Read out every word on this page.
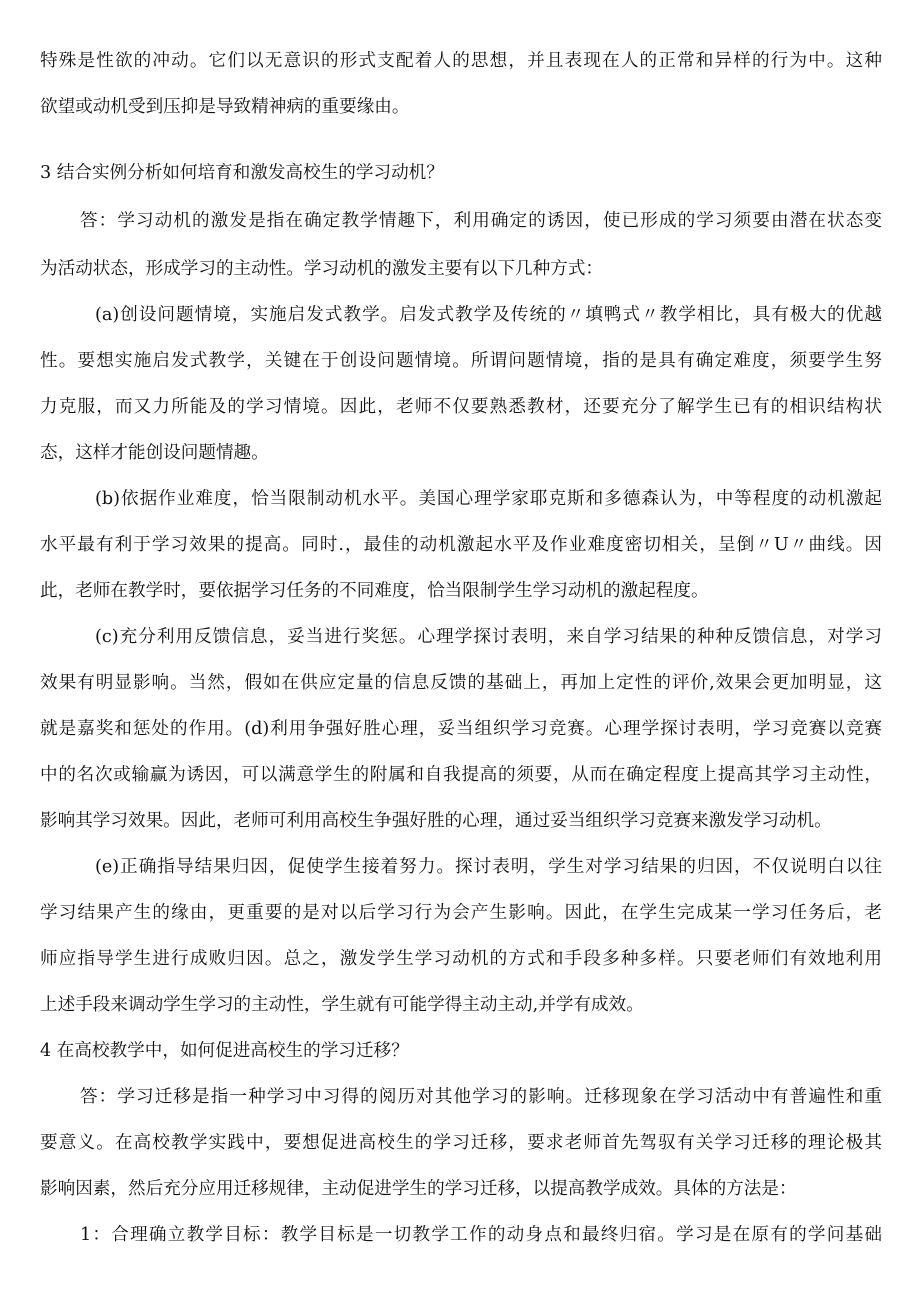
特殊是性欲的冲动。它们以无意识的形式支配着人的思想，并且表现在人的正常和异样的行为中。这种
欲望或动机受到压抑是导致精神病的重要缘由。
3 结合实例分析如何培育和激发高校生的学习动机？
答：学习动机的激发是指在确定教学情趣下，利用确定的诱因，使已形成的学习须要由潜在状态变
为活动状态，形成学习的主动性。学习动机的激发主要有以下几种方式：
(a)创设问题情境，实施启发式教学。启发式教学及传统的〃填鸭式〃教学相比，具有极大的优越
性。要想实施启发式教学，关键在于创设问题情境。所谓问题情境，指的是具有确定难度，须要学生努
力克服，而又力所能及的学习情境。因此，老师不仅要熟悉教材，还要充分了解学生已有的相识结构状
态，这样才能创设问题情趣。
(b)依据作业难度，恰当限制动机水平。美国心理学家耶克斯和多德森认为，中等程度的动机激起
水平最有利于学习效果的提高。同时.，最佳的动机激起水平及作业难度密切相关，呈倒〃U〃曲线。因
此，老师在教学时，要依据学习任务的不同难度，恰当限制学生学习动机的激起程度。
(c)充分利用反馈信息，妥当进行奖惩。心理学探讨表明，来自学习结果的种种反馈信息，对学习
效果有明显影响。当然，假如在供应定量的信息反馈的基础上，再加上定性的评价,效果会更加明显，这
就是嘉奖和惩处的作用。(d)利用争强好胜心理，妥当组织学习竞赛。心理学探讨表明，学习竞赛以竞赛
中的名次或输赢为诱因，可以满意学生的附属和自我提高的须要，从而在确定程度上提高其学习主动性，
影响其学习效果。因此，老师可利用高校生争强好胜的心理，通过妥当组织学习竞赛来激发学习动机。
(e)正确指导结果归因，促使学生接着努力。探讨表明，学生对学习结果的归因，不仅说明白以往
学习结果产生的缘由，更重要的是对以后学习行为会产生影响。因此，在学生完成某一学习任务后，老
师应指导学生进行成败归因。总之，激发学生学习动机的方式和手段多种多样。只要老师们有效地利用
上述手段来调动学生学习的主动性，学生就有可能学得主动主动,并学有成效。
4 在高校教学中，如何促进高校生的学习迁移？
答：学习迁移是指一种学习中习得的阅历对其他学习的影响。迁移现象在学习活动中有普遍性和重
要意义。在高校教学实践中，要想促进高校生的学习迁移，要求老师首先驾驭有关学习迁移的理论极其
影响因素，然后充分应用迁移规律，主动促进学生的学习迁移，以提高教学成效。具体的方法是：
1：合理确立教学目标：教学目标是一切教学工作的动身点和最终归宿。学习是在原有的学问基础
